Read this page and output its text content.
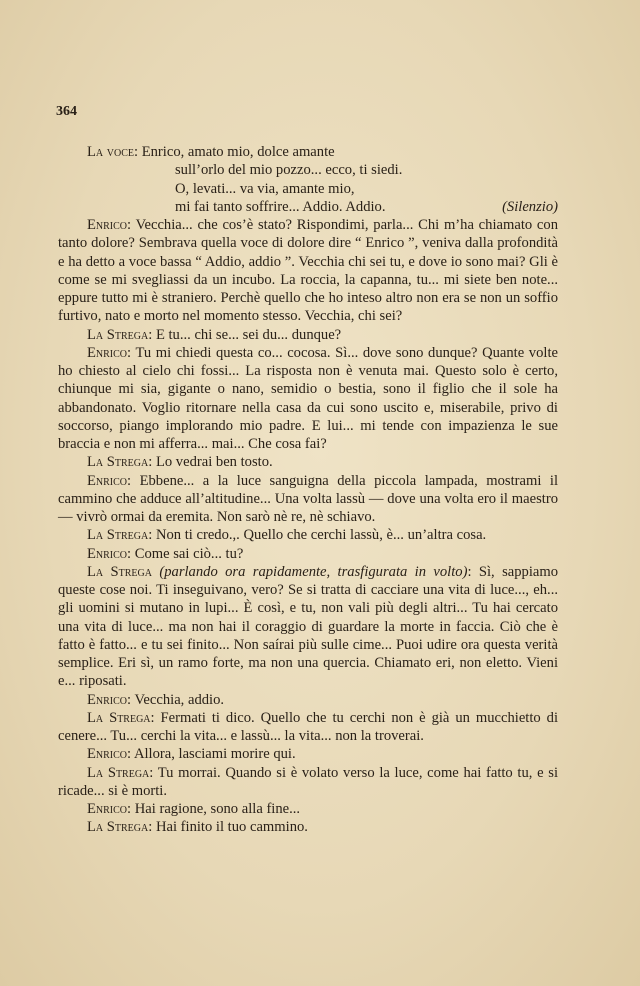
364

La voce: Enrico, amato mio, dolce amante

sull’orlo del mio pozzo... ecco, ti siedi.

O, levati... va via, amante mio,

mi fai tanto soffrire... Addio. Addio.	(Silenzio)

Enrico: Vecchia... che cos’è stato? Rispondimi, parla... Chi m’ha chiamato con tanto dolore? Sembrava quella voce di dolore dire “ Enrico ”, veniva dalla profondità e ha detto a voce bassa “ Addio, addio ”. Vecchia chi sei tu, e dove io sono mai? Gli è come se mi svegliassi da un incubo. La roccia, la capanna, tu... mi siete ben note... eppure tutto mi è straniero. Perchè quello che ho inteso altro non era se non un soffio furtivo, nato e morto nel momento stesso. Vecchia, chi sei?

La Strega: E tu... chi se... sei du... dunque?

Enrico: Tu mi chiedi questa co... cocosa. Sì... dove sono dunque? Quante volte ho chiesto al cielo chi fossi... La risposta non è venuta mai. Questo solo è certo, chiunque mi sia, gigante o nano, semidio o bestia, sono il figlio che il sole ha abbandonato. Voglio ritornare nella casa da cui sono uscito e, miserabile, privo di soccorso, piango implorando mio padre. E lui... mi tende con impazienza le sue braccia e non mi afferra... mai... Che cosa fai?

La Strega: Lo vedrai ben tosto.

Enrico: Ebbene... a la luce sanguigna della piccola lampada, mostrami il cammino che adduce all’altitudine... Una volta lassù — dove una volta ero il maestro — vivrò ormai da eremita. Non sarò nè re, nè schiavo.

La Strega: Non ti credo.,. Quello che cerchi lassù, è... un’altra cosa.

Enrico: Come sai ciò... tu?

La Strega (parlando ora rapidamente, trasfigurata in volto): Sì, sappiamo queste cose noi. Ti inseguivano, vero? Se si tratta di cacciare una vita di luce..., eh... gli uomini si mutano in lupi... È così, e tu, non vali più degli altri... Tu hai cercato una vita di luce... ma non hai il coraggio di guardare la morte in faccia. Ciò che è fatto è fatto... e tu sei finito... Non saírai più sulle cime... Puoi udire ora questa verità semplice. Eri sì, un ramo forte, ma non una quercia. Chiamato eri, non eletto. Vieni e... riposati.

Enrico: Vecchia, addio.

La Strega: Fermati ti dico. Quello che tu cerchi non è già un mucchietto di cenere... Tu... cerchi la vita... e lassù... la vita... non la troverai.

Enrico: Allora, lasciami morire qui.

La Strega: Tu morrai. Quando si è volato verso la luce, come hai fatto tu, e si ricade... si è morti.

Enrico: Hai ragione, sono alla fine...

La Strega: Hai finito il tuo cammino.
